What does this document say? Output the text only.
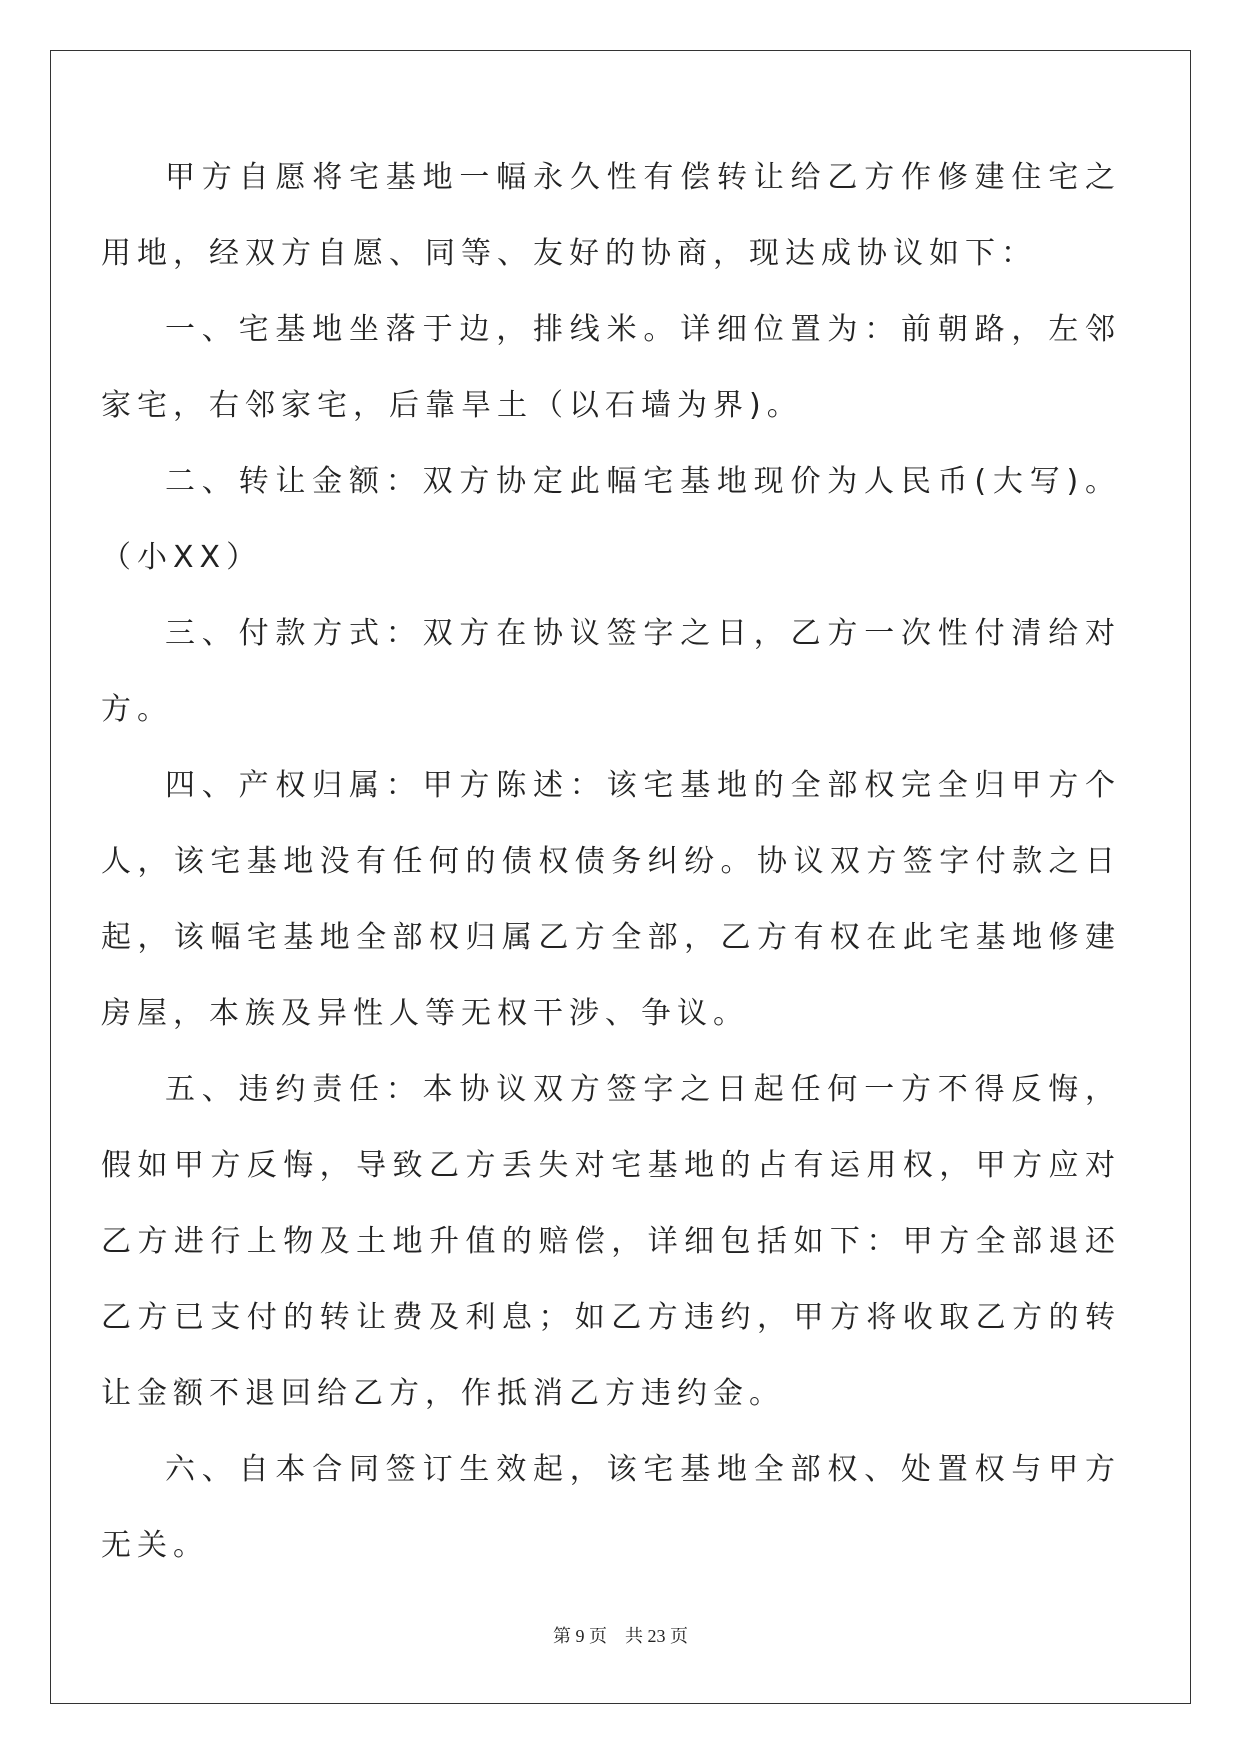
甲方自愿将宅基地一幅永久性有偿转让给乙方作修建住宅之用地，经双方自愿、同等、友好的协商，现达成协议如下：

一、宅基地坐落于边，排线米。详细位置为：前朝路，左邻家宅，右邻家宅，后靠旱土（以石墙为界)。

二、转让金额：双方协定此幅宅基地现价为人民币(大写)。（小XX）

三、付款方式：双方在协议签字之日，乙方一次性付清给对方。

四、产权归属：甲方陈述：该宅基地的全部权完全归甲方个人，该宅基地没有任何的债权债务纠纷。协议双方签字付款之日起，该幅宅基地全部权归属乙方全部，乙方有权在此宅基地修建房屋，本族及异性人等无权干涉、争议。

五、违约责任：本协议双方签字之日起任何一方不得反悔，假如甲方反悔，导致乙方丢失对宅基地的占有运用权，甲方应对乙方进行上物及土地升值的赔偿，详细包括如下：甲方全部退还乙方已支付的转让费及利息；如乙方违约，甲方将收取乙方的转让金额不退回给乙方，作抵消乙方违约金。

六、自本合同签订生效起，该宅基地全部权、处置权与甲方无关。

第 9 页　共 23 页
